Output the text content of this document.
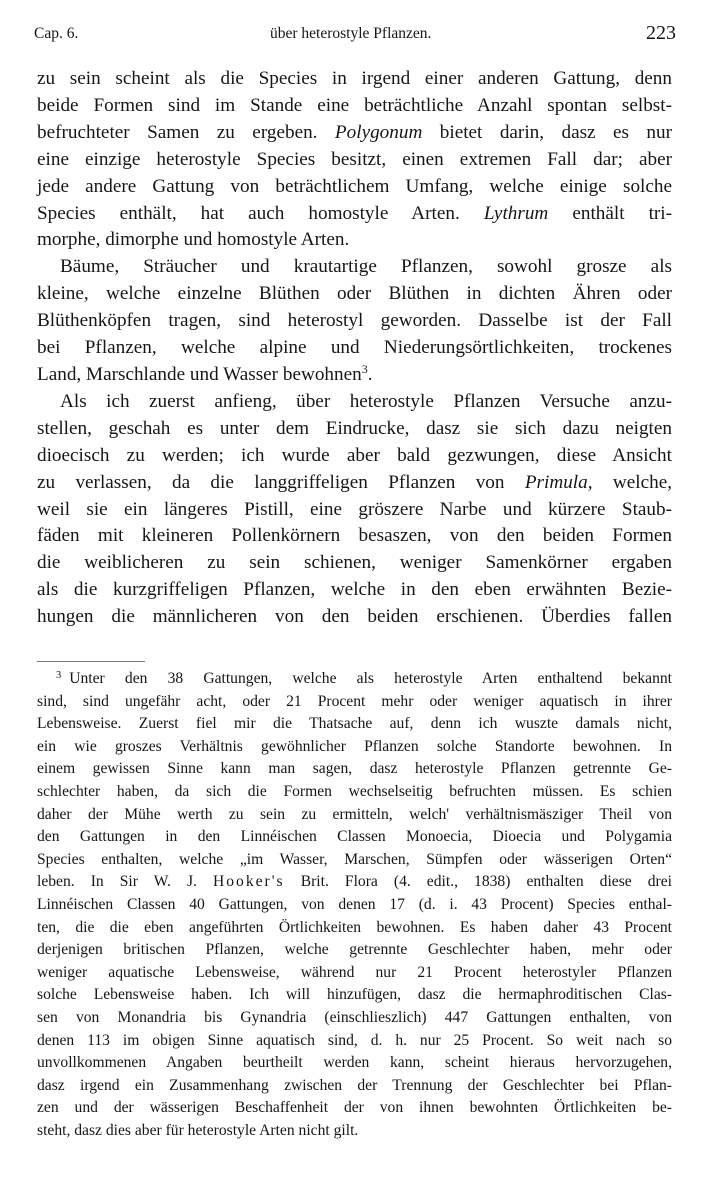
Cap. 6.	über heterostyle Pflanzen.	223
zu sein scheint als die Species in irgend einer anderen Gattung, denn
beide Formen sind im Stande eine beträchtliche Anzahl spontan selbst-
befruchteter Samen zu ergeben. Polygonum bietet darin, dasz es nur
eine einzige heterostyle Species besitzt, einen extremen Fall dar; aber
jede andere Gattung von beträchtlichem Umfang, welche einige solche
Species enthält, hat auch homostyle Arten. Lythrum enthält tri-
morphe, dimorphe und homostyle Arten.
Bäume, Sträucher und krautartige Pflanzen, sowohl grosze als
kleine, welche einzelne Blüthen oder Blüthen in dichten Ähren oder
Blüthenköpfen tragen, sind heterostyl geworden. Dasselbe ist der Fall
bei Pflanzen, welche alpine und Niederungsörtlichkeiten, trockenes
Land, Marschlande und Wasser bewohnen$^3$.
Als ich zuerst anfieng, über heterostyle Pflanzen Versuche anzu-
stellen, geschah es unter dem Eindrucke, dasz sie sich dazu neigten
dioecisch zu werden; ich wurde aber bald gezwungen, diese Ansicht
zu verlassen, da die langgriffeligen Pflanzen von Primula, welche,
weil sie ein längeres Pistill, eine gröszere Narbe und kürzere Staub-
fäden mit kleineren Pollenkörnern besaszen, von den beiden Formen
die weiblicheren zu sein schienen, weniger Samenkörner ergaben
als die kurzgriffeligen Pflanzen, welche in den eben erwähnten Bezie-
hungen die männlicheren von den beiden erschienen. Überdies fallen
$^3$ Unter den 38 Gattungen, welche als heterostyle Arten enthaltend bekannt
sind, sind ungefähr acht, oder 21 Procent mehr oder weniger aquatisch in ihrer
Lebensweise. Zuerst fiel mir die Thatsache auf, denn ich wuszte damals nicht,
ein wie groszes Verhältnis gewöhnlicher Pflanzen solche Standorte bewohnen. In
einem gewissen Sinne kann man sagen, dasz heterostyle Pflanzen getrennte Ge-
schlechter haben, da sich die Formen wechselseitig befruchten müssen. Es schien
daher der Mühe werth zu sein zu ermitteln, welch' verhältnismäsziger Theil von
den Gattungen in den Linnéischen Classen Monoecia, Dioecia und Polygamia
Species enthalten, welche „im Wasser, Marschen, Sümpfen oder wässerigen Orten“
leben. In Sir W. J. Hooker's Brit. Flora (4. edit., 1838) enthalten diese drei
Linnéischen Classen 40 Gattungen, von denen 17 (d. i. 43 Procent) Species enthal-
ten, die die eben angeführten Örtlichkeiten bewohnen. Es haben daher 43 Procent
derjenigen britischen Pflanzen, welche getrennte Geschlechter haben, mehr oder
weniger aquatische Lebensweise, während nur 21 Procent heterostyler Pflanzen
solche Lebensweise haben. Ich will hinzufügen, dasz die hermaphroditischen Clas-
sen von Monandria bis Gynandria (einschlieszlich) 447 Gattungen enthalten, von
denen 113 im obigen Sinne aquatisch sind, d. h. nur 25 Procent. So weit nach so
unvollkommenen Angaben beurtheilt werden kann, scheint hieraus hervorzugehen,
dasz irgend ein Zusammenhang zwischen der Trennung der Geschlechter bei Pflan-
zen und der wässerigen Beschaffenheit der von ihnen bewohnten Örtlichkeiten be-
steht, dasz dies aber für heterostyle Arten nicht gilt.
